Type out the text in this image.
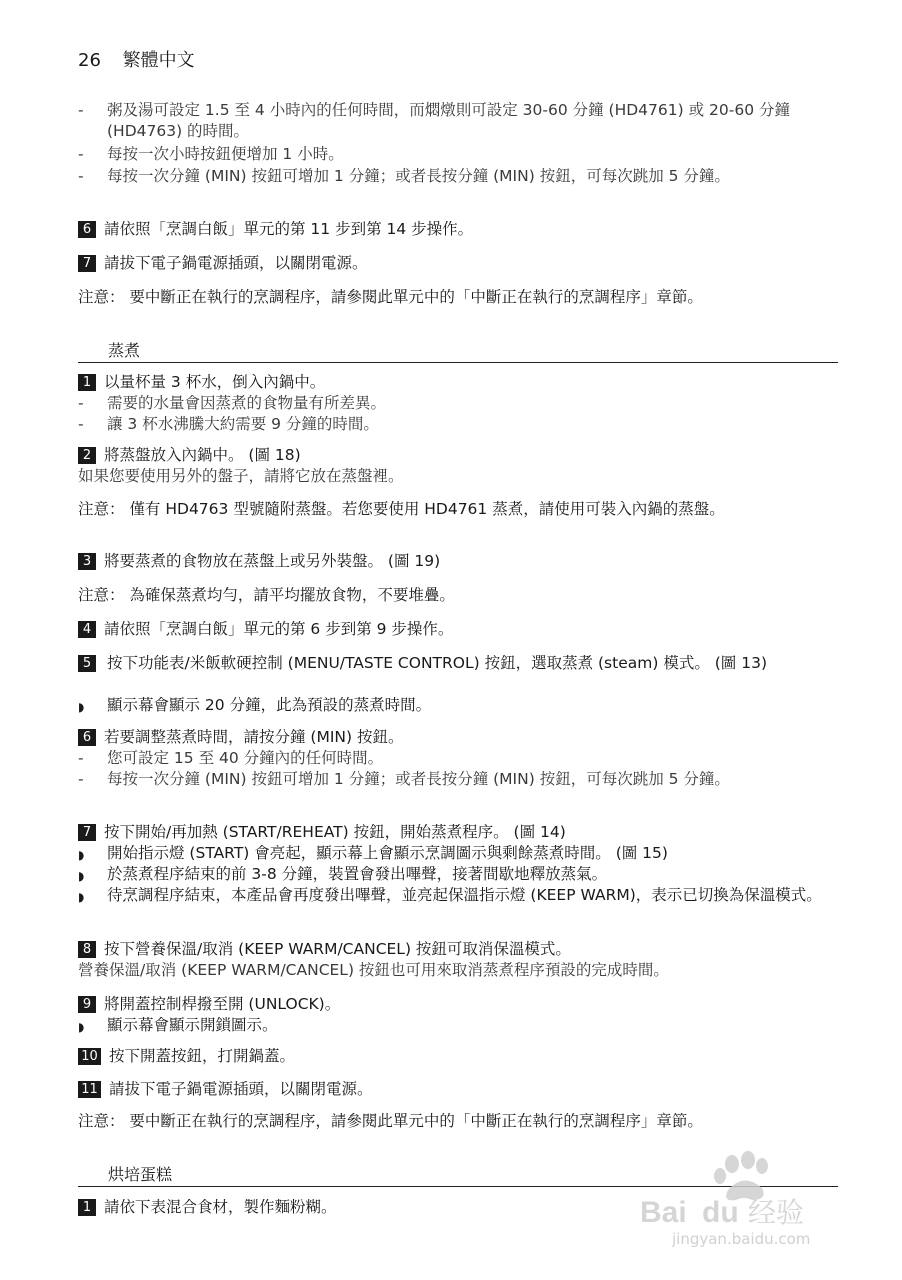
26 繁體中文
- 粥及湯可設定 1.5 至 4 小時內的任何時間，而燜燉則可設定 30-60 分鐘 (HD4761) 或 20-60 分鐘 (HD4763) 的時間。
- 每按一次小時按鈕便增加 1 小時。
- 每按一次分鐘 (MIN) 按鈕可增加 1 分鐘；或者長按分鐘 (MIN) 按鈕，可每次跳加 5 分鐘。
6 請依照「烹調白飯」單元的第 11 步到第 14 步操作。
7 請拔下電子鍋電源插頭，以關閉電源。
注意： 要中斷正在執行的烹調程序，請參閱此單元中的「中斷正在執行的烹調程序」章節。
蒸煮
1 以量杯量 3 杯水，倒入內鍋中。
- 需要的水量會因蒸煮的食物量有所差異。
- 讓 3 杯水沸騰大約需要 9 分鐘的時間。
2 將蒸盤放入內鍋中。 (圖 18)
如果您要使用另外的盤子，請將它放在蒸盤裡。
注意： 僅有 HD4763 型號隨附蒸盤。若您要使用 HD4761 蒸煮，請使用可裝入內鍋的蒸盤。
3 將要蒸煮的食物放在蒸盤上或另外裝盤。 (圖 19)
注意： 為確保蒸煮均勻，請平均擺放食物，不要堆疊。
4 請依照「烹調白飯」單元的第 6 步到第 9 步操作。
5	按下功能表/米飯軟硬控制 (MENU/TASTE CONTROL) 按鈕，選取蒸煮 (steam) 模式。 (圖 13)
◗ 顯示幕會顯示 20 分鐘，此為預設的蒸煮時間。
6 若要調整蒸煮時間，請按分鐘 (MIN) 按鈕。
- 您可設定 15 至 40 分鐘內的任何時間。
- 每按一次分鐘 (MIN) 按鈕可增加 1 分鐘；或者長按分鐘 (MIN) 按鈕，可每次跳加 5 分鐘。
7 按下開始/再加熱 (START/REHEAT) 按鈕，開始蒸煮程序。 (圖 14)
◗ 開始指示燈 (START) 會亮起，顯示幕上會顯示烹調圖示與剩餘蒸煮時間。 (圖 15)
◗ 於蒸煮程序結束的前 3-8 分鐘，裝置會發出嗶聲，接著間歇地釋放蒸氣。
◗ 待烹調程序結束，本產品會再度發出嗶聲，並亮起保溫指示燈 (KEEP WARM)，表示已切換為保溫模式。
8 按下營養保溫/取消 (KEEP WARM/CANCEL) 按鈕可取消保溫模式。
營養保溫/取消 (KEEP WARM/CANCEL) 按鈕也可用來取消蒸煮程序預設的完成時間。
9 將開蓋控制桿撥至開 (UNLOCK)。
◗ 顯示幕會顯示開鎖圖示。
10 按下開蓋按鈕，打開鍋蓋。
11 請拔下電子鍋電源插頭，以關閉電源。
注意： 要中斷正在執行的烹調程序，請參閱此單元中的「中斷正在執行的烹調程序」章節。
烘培蛋糕
1 請依下表混合食材，製作麵粉糊。	Bai du 经验
jingyan.baidu.com
